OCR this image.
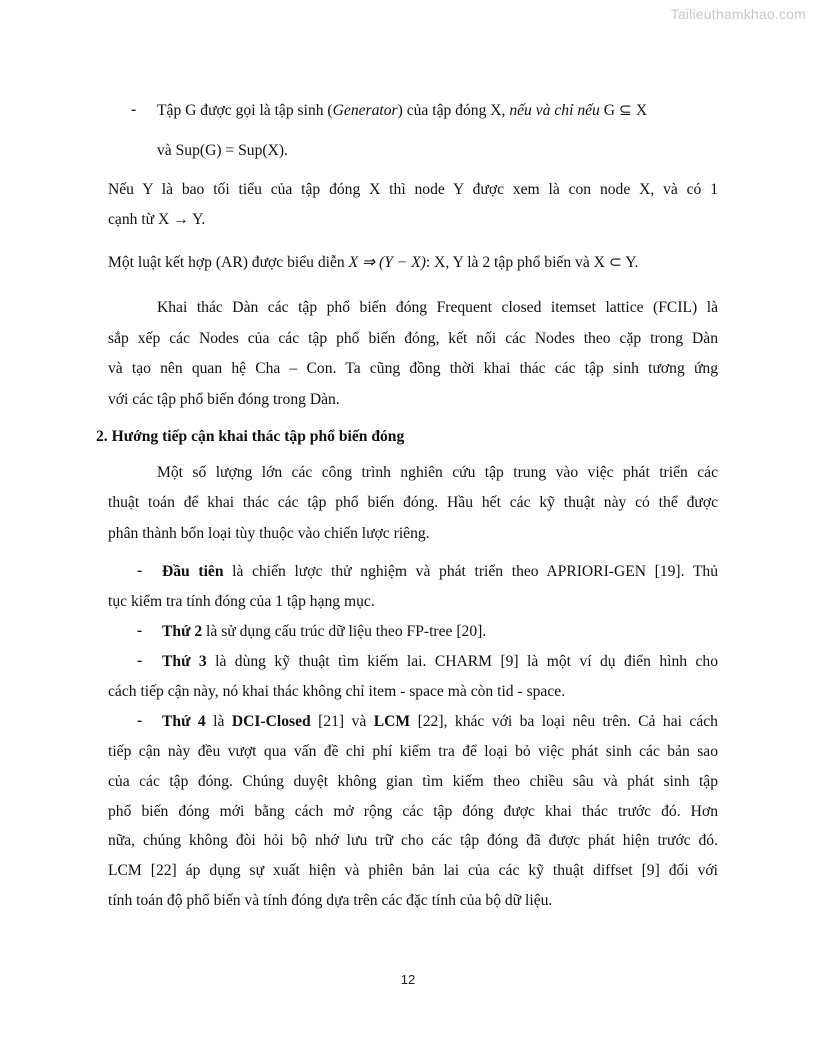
Tailieuthamkhao.com
- Tập G được gọi là tập sinh (Generator) của tập đóng X, nếu và chỉ nếu G ⊆ X
và Sup(G) = Sup(X).
Nếu Y là bao tối tiểu của tập đóng X thì node Y được xem là con node X, và có 1
cạnh từ X → Y.
Một luật kết hợp (AR) được biểu diễn X ⇒ (Y − X): X, Y là 2 tập phổ biến và X ⊂ Y.
Khai thác Dàn các tập phổ biến đóng Frequent closed itemset lattice (FCIL) là
sắp xếp các Nodes của các tập phổ biến đóng, kết nối các Nodes theo cặp trong Dàn
và tạo nên quan hệ Cha – Con. Ta cũng đồng thời khai thác các tập sinh tương ứng
với các tập phổ biến đóng trong Dàn.
2. Hướng tiếp cận khai thác tập phổ biến đóng
Một số lượng lớn các công trình nghiên cứu tập trung vào việc phát triển các
thuật toán để khai thác các tập phổ biến đóng. Hầu hết các kỹ thuật này có thể được
phân thành bốn loại tùy thuộc vào chiến lược riêng.
- Đầu tiên là chiến lược thử nghiệm và phát triển theo APRIORI-GEN [19]. Thủ
tục kiểm tra tính đóng của 1 tập hạng mục.
- Thứ 2 là sử dụng cấu trúc dữ liệu theo FP-tree [20].
- Thứ 3 là dùng kỹ thuật tìm kiếm lai. CHARM [9] là một ví dụ điển hình cho
cách tiếp cận này, nó khai thác không chỉ item - space mà còn tid - space.
- Thứ 4 là DCI-Closed [21] và LCM [22], khác với ba loại nêu trên. Cả hai cách
tiếp cận này đều vượt qua vấn đề chi phí kiểm tra để loại bỏ việc phát sinh các bản sao
của các tập đóng. Chúng duyệt không gian tìm kiếm theo chiều sâu và phát sinh tập
phổ biến đóng mới bằng cách mở rộng các tập đóng được khai thác trước đó. Hơn
nữa, chúng không đòi hỏi bộ nhớ lưu trữ cho các tập đóng đã được phát hiện trước đó.
LCM [22] áp dụng sự xuất hiện và phiên bản lai của các kỹ thuật diffset [9] đối với
tính toán độ phổ biến và tính đóng dựa trên các đặc tính của bộ dữ liệu.
12
